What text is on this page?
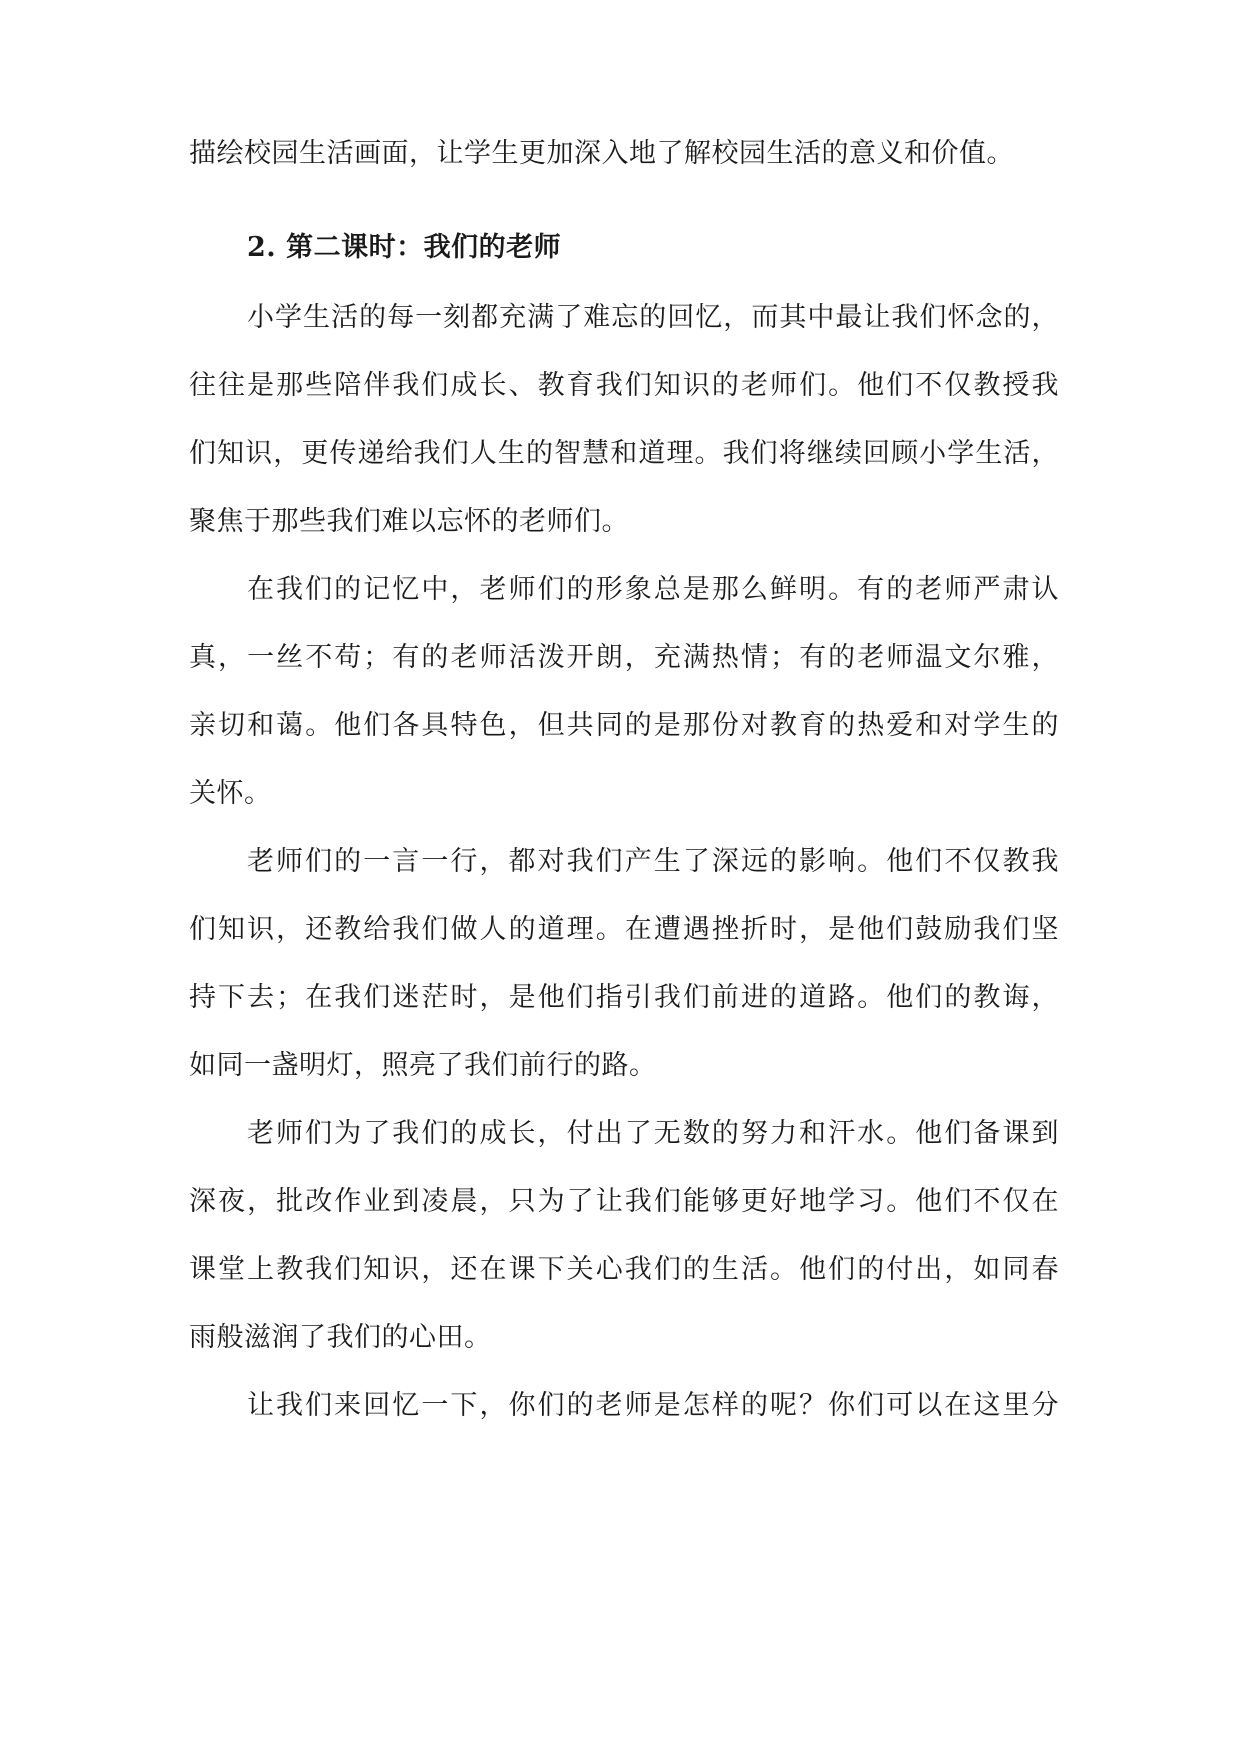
描绘校园生活画面，让学生更加深入地了解校园生活的意义和价值。
2. 第二课时：我们的老师
小学生活的每一刻都充满了难忘的回忆，而其中最让我们怀念的，
往往是那些陪伴我们成长、教育我们知识的老师们。他们不仅教授我
们知识，更传递给我们人生的智慧和道理。我们将继续回顾小学生活，
聚焦于那些我们难以忘怀的老师们。
在我们的记忆中，老师们的形象总是那么鲜明。有的老师严肃认
真，一丝不苟；有的老师活泼开朗，充满热情；有的老师温文尔雅，
亲切和蔼。他们各具特色，但共同的是那份对教育的热爱和对学生的
关怀。
老师们的一言一行，都对我们产生了深远的影响。他们不仅教我
们知识，还教给我们做人的道理。在遭遇挫折时，是他们鼓励我们坚
持下去；在我们迷茫时，是他们指引我们前进的道路。他们的教诲，
如同一盏明灯，照亮了我们前行的路。
老师们为了我们的成长，付出了无数的努力和汗水。他们备课到
深夜，批改作业到凌晨，只为了让我们能够更好地学习。他们不仅在
课堂上教我们知识，还在课下关心我们的生活。他们的付出，如同春
雨般滋润了我们的心田。
让我们来回忆一下，你们的老师是怎样的呢？你们可以在这里分
